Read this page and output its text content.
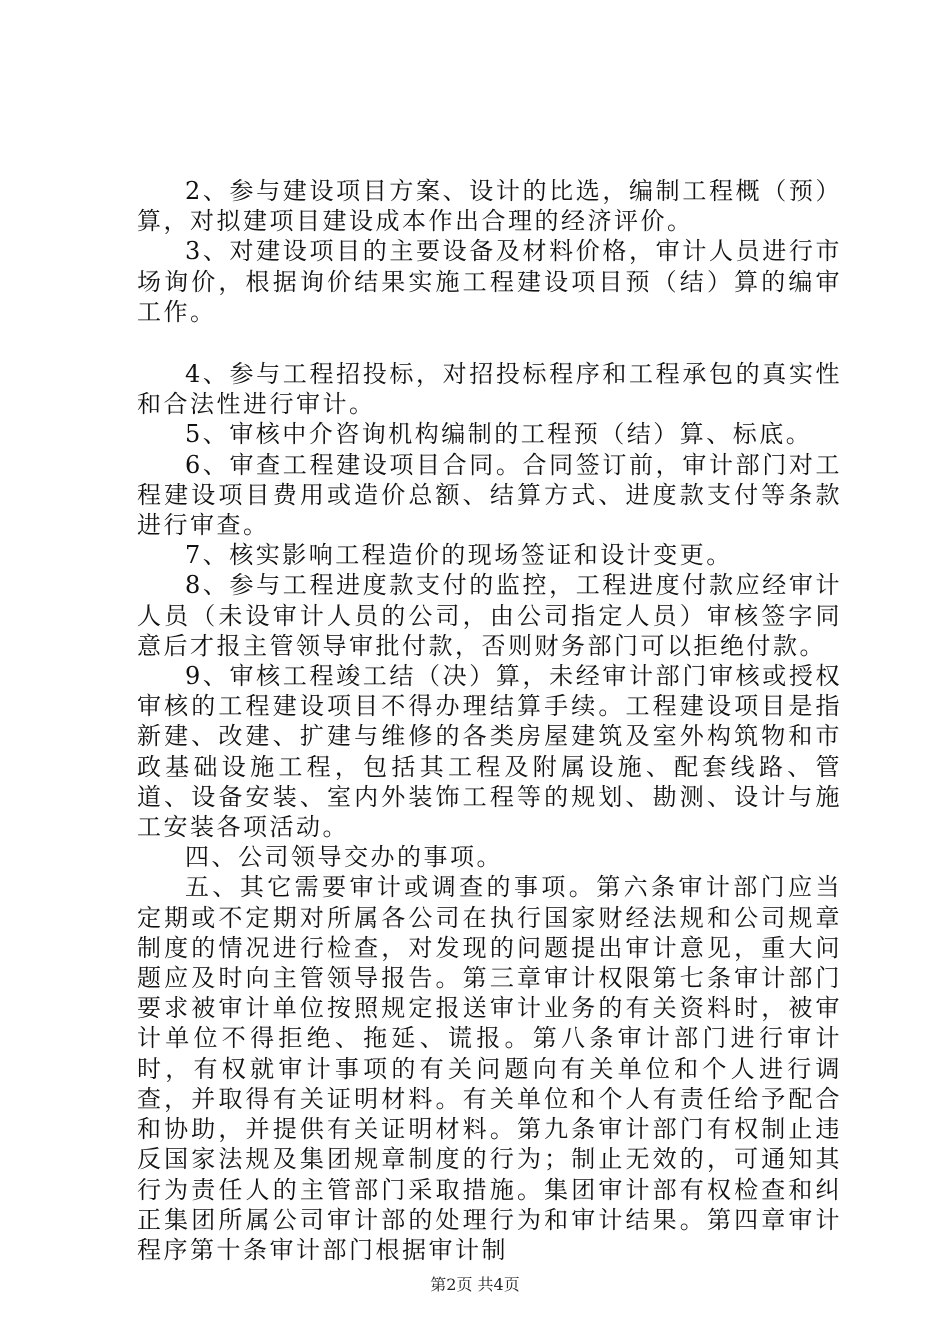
2、参与建设项目方案、设计的比选，编制工程概（预）算，对拟建项目建设成本作出合理的经济评价。

3、对建设项目的主要设备及材料价格，审计人员进行市场询价，根据询价结果实施工程建设项目预（结）算的编审工作。

4、参与工程招投标，对招投标程序和工程承包的真实性和合法性进行审计。

5、审核中介咨询机构编制的工程预（结）算、标底。

6、审查工程建设项目合同。合同签订前，审计部门对工程建设项目费用或造价总额、结算方式、进度款支付等条款进行审查。

7、核实影响工程造价的现场签证和设计变更。

8、参与工程进度款支付的监控，工程进度付款应经审计人员（未设审计人员的公司，由公司指定人员）审核签字同意后才报主管领导审批付款，否则财务部门可以拒绝付款。

9、审核工程竣工结（决）算，未经审计部门审核或授权审核的工程建设项目不得办理结算手续。工程建设项目是指新建、改建、扩建与维修的各类房屋建筑及室外构筑物和市政基础设施工程，包括其工程及附属设施、配套线路、管道、设备安装、室内外装饰工程等的规划、勘测、设计与施工安装各项活动。

四、公司领导交办的事项。

五、其它需要审计或调查的事项。第六条审计部门应当定期或不定期对所属各公司在执行国家财经法规和公司规章制度的情况进行检查，对发现的问题提出审计意见，重大问题应及时向主管领导报告。第三章审计权限第七条审计部门要求被审计单位按照规定报送审计业务的有关资料时，被审计单位不得拒绝、拖延、谎报。第八条审计部门进行审计时，有权就审计事项的有关问题向有关单位和个人进行调查，并取得有关证明材料。有关单位和个人有责任给予配合和协助，并提供有关证明材料。第九条审计部门有权制止违反国家法规及集团规章制度的行为；制止无效的，可通知其行为责任人的主管部门采取措施。集团审计部有权检查和纠正集团所属公司审计部的处理行为和审计结果。第四章审计程序第十条审计部门根据审计制

第2页 共4页
